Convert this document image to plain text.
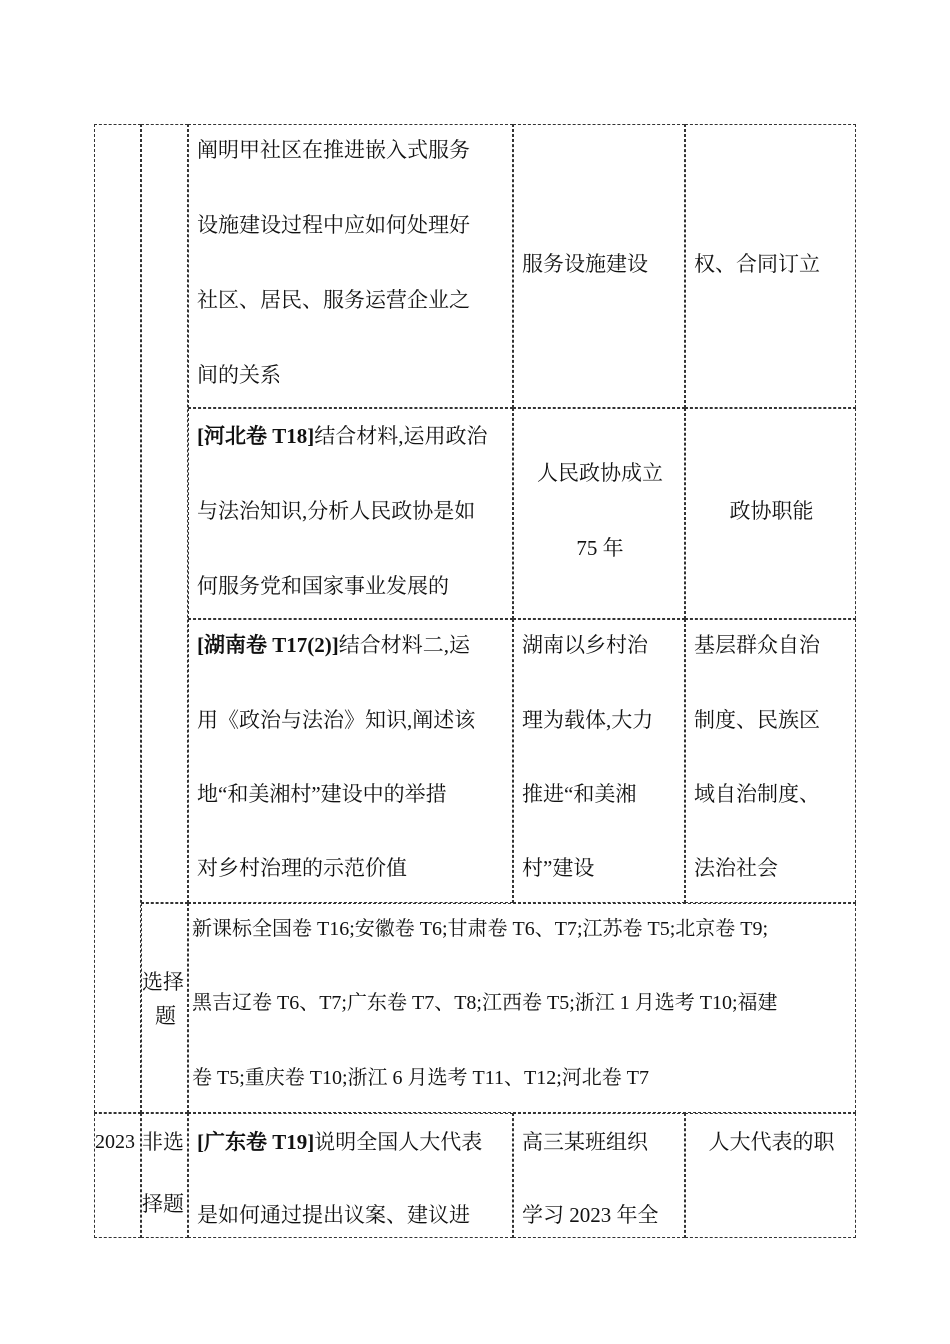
阐明甲社区在推进嵌入式服务
设施建设过程中应如何处理好
社区、居民、服务运营企业之
间的关系
服务设施建设 权、合同订立
[河北卷 T18]结合材料,运用政治
与法治知识,分析人民政协是如
何服务党和国家事业发展的
人民政协成立
75 年
政协职能
[湖南卷 T17(2)]结合材料二,运
用《政治与法治》知识,阐述该
地“和美湘村”建设中的举措
对乡村治理的示范价值
湖南以乡村治
理为载体,大力
推进“和美湘
村”建设
基层群众自治
制度、民族区
域自治制度、
法治社会
选择
题
新课标全国卷 T16;安徽卷 T6;甘肃卷 T6、T7;江苏卷 T5;北京卷 T9;
黑吉辽卷 T6、T7;广东卷 T7、T8;江西卷 T5;浙江 1 月选考 T10;福建
卷 T5;重庆卷 T10;浙江 6 月选考 T11、T12;河北卷 T7
2023 非选
择题
[广东卷 T19]说明全国人大代表
是如何通过提出议案、建议进
高三某班组织
学习 2023 年全
人大代表的职
